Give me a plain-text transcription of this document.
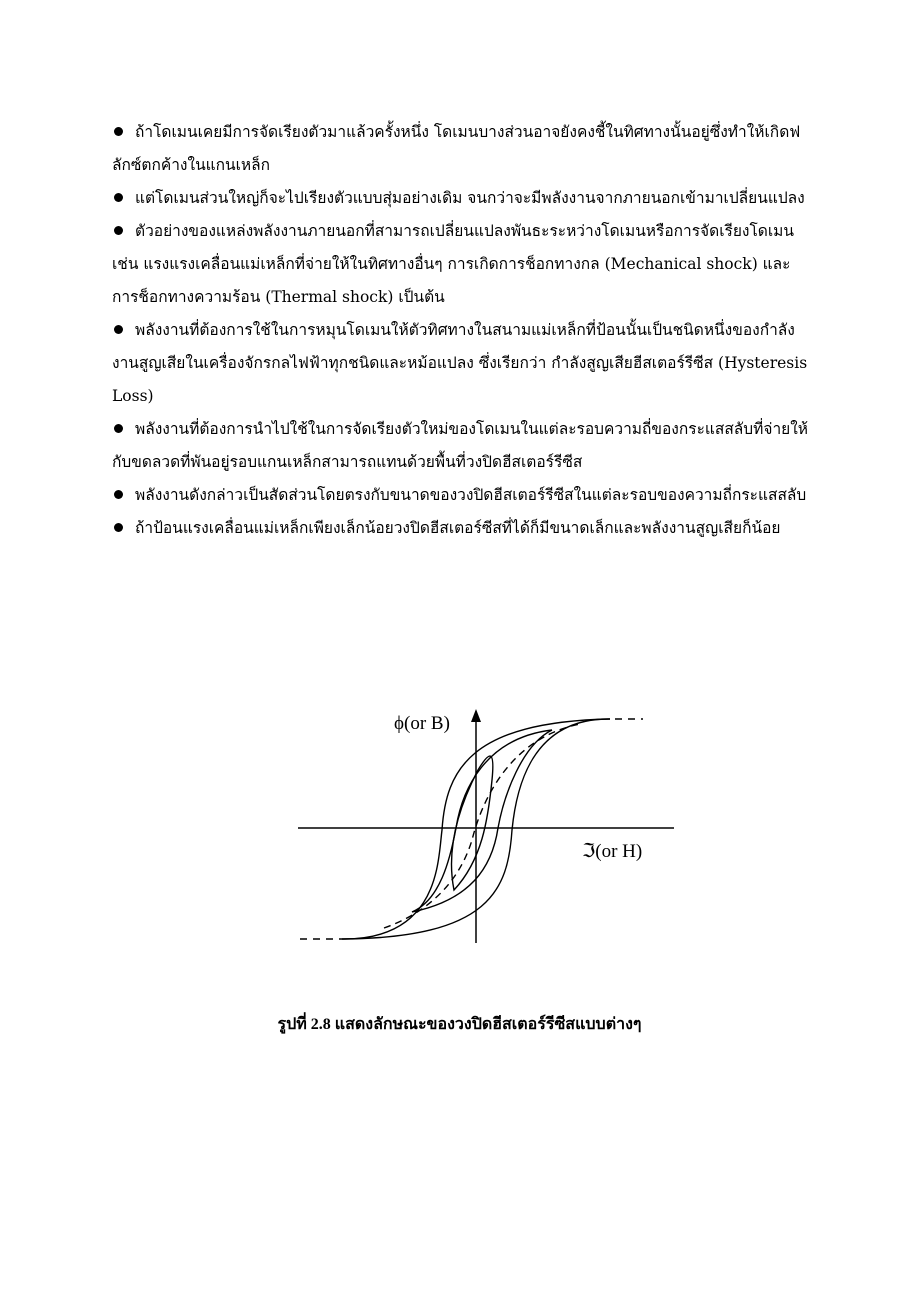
ถ้าโดเมนเคยมีการจัดเรียงตัวมาแล้วครั้งหนึ่ง โดเมนบางส่วนอาจยังคงชี้ในทิศทางนั้นอยู่ซึ่งทำให้เกิดฟลักซ์ตกค้างในแกนเหล็ก

แต่โดเมนส่วนใหญ่ก็จะไปเรียงตัวแบบสุ่มอย่างเดิม จนกว่าจะมีพลังงานจากภายนอกเข้ามาเปลี่ยนแปลง

ตัวอย่างของแหล่งพลังงานภายนอกที่สามารถเปลี่ยนแปลงพันธะระหว่างโดเมนหรือการจัดเรียงโดเมน เช่น แรงแรงเคลื่อนแม่เหล็กที่จ่ายให้ในทิศทางอื่นๆ การเกิดการช็อกทางกล (Mechanical shock) และการช็อกทางความร้อน (Thermal shock) เป็นต้น

พลังงานที่ต้องการใช้ในการหมุนโดเมนให้ตัวทิศทางในสนามแม่เหล็กที่ป้อนนั้นเป็นชนิดหนึ่งของกำลังงานสูญเสียในเครื่องจักรกลไฟฟ้าทุกชนิดและหม้อแปลง ซึ่งเรียกว่า กำลังสูญเสียฮีสเตอร์รีซีส (Hysteresis Loss)

พลังงานที่ต้องการนำไปใช้ในการจัดเรียงตัวใหม่ของโดเมนในแต่ละรอบความถี่ของกระแสสลับที่จ่ายให้กับขดลวดที่พันอยู่รอบแกนเหล็กสามารถแทนด้วยพื้นที่วงปิดฮีสเตอร์รีซีส

พลังงานดังกล่าวเป็นสัดส่วนโดยตรงกับขนาดของวงปิดฮีสเตอร์รีซีสในแต่ละรอบของความถี่กระแสสลับ

ถ้าป้อนแรงเคลื่อนแม่เหล็กเพียงเล็กน้อยวงปิดฮีสเตอร์ซีสที่ได้ก็มีขนาดเล็กและพลังงานสูญเสียก็น้อย

ϕ(or B)
ℑ(or H)
รูปที่ 2.8 แสดงลักษณะของวงปิดฮีสเตอร์รีซีสแบบต่างๆ
